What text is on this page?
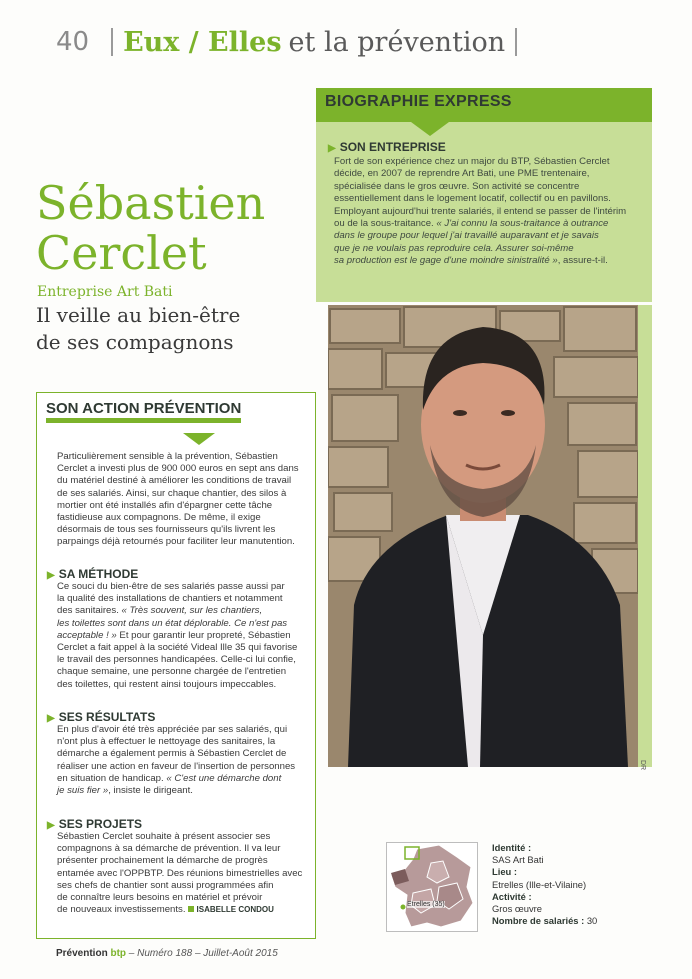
40 Eux / Elles et la prévention
Sébastien
Cerclet
Entreprise Art Bati
Il veille au bien-être
de ses compagnons
BIOGRAPHIE EXPRESS
▶ SON ENTREPRISE
Fort de son expérience chez un major du BTP, Sébastien Cerclet
décide, en 2007 de reprendre Art Bati, une PME trentenaire,
spécialisée dans le gros œuvre. Son activité se concentre
essentiellement dans le logement locatif, collectif ou en pavillons.
Employant aujourd'hui trente salariés, il entend se passer de l'intérim
ou de la sous-traitance. « J'ai connu la sous-traitance à outrance
dans le groupe pour lequel j'ai travaillé auparavant et je savais
que je ne voulais pas reproduire cela. Assurer soi-même
sa production est le gage d'une moindre sinistralité », assure-t-il.
DR
SON ACTION PRÉVENTION
Particulièrement sensible à la prévention, Sébastien
Cerclet a investi plus de 900 000 euros en sept ans dans
du matériel destiné à améliorer les conditions de travail
de ses salariés. Ainsi, sur chaque chantier, des silos à
mortier ont été installés afin d'épargner cette tâche
fastidieuse aux compagnons. De même, il exige
désormais de tous ses fournisseurs qu'ils livrent les
parpaings déjà retournés pour faciliter leur manutention.
▶ SA MÉTHODE
Ce souci du bien-être de ses salariés passe aussi par
la qualité des installations de chantiers et notamment
des sanitaires. « Très souvent, sur les chantiers,
les toilettes sont dans un état déplorable. Ce n'est pas
acceptable ! » Et pour garantir leur propreté, Sébastien
Cerclet a fait appel à la société Videal Ille 35 qui favorise
le travail des personnes handicapées. Celle-ci lui confie,
chaque semaine, une personne chargée de l'entretien
des toilettes, qui restent ainsi toujours impeccables.
▶ SES RÉSULTATS
En plus d'avoir été très appréciée par ses salariés, qui
n'ont plus à effectuer le nettoyage des sanitaires, la
démarche a également permis à Sébastien Cerclet de
réaliser une action en faveur de l'insertion de personnes
en situation de handicap. « C'est une démarche dont
je suis fier », insiste le dirigeant.
▶ SES PROJETS
Sébastien Cerclet souhaite à présent associer ses
compagnons à sa démarche de prévention. Il va leur
présenter prochainement la démarche de progrès
entamée avec l'OPPBTP. Des réunions bimestrielles avec
ses chefs de chantier sont aussi programmées afin
de connaître leurs besoins en matériel et prévoir
de nouveaux investissements. ISABELLE CONDOU
Etrelles (35)
Identité :
SAS Art Bati
Lieu :
Etrelles (Ille-et-Vilaine)
Activité :
Gros œuvre
Nombre de salariés : 30
Prévention btp – Numéro 188 – Juillet-Août 2015
